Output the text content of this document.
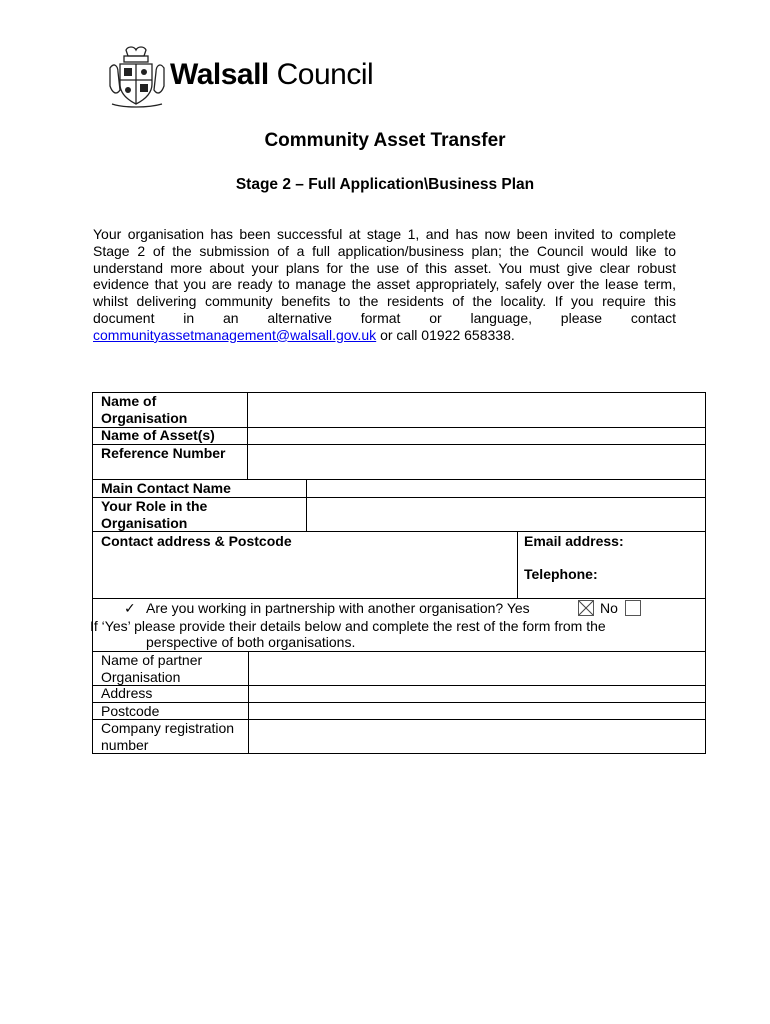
Walsall Council
Community Asset Transfer
Stage 2 – Full Application\Business Plan
Your organisation has been successful at stage 1, and has now been invited to complete Stage 2 of the submission of a full application/business plan; the Council would like to understand more about your plans for the use of this asset. You must give clear robust evidence that you are ready to manage the asset appropriately, safely over the lease term, whilst delivering community benefits to the residents of the locality. If you require this document in an alternative format or language, please contact communityassetmanagement@walsall.gov.uk or call 01922 658338.
Name of Organisation
Name of Asset(s)
Reference Number
Main Contact Name
Your Role in the Organisation
Contact address & Postcode	Email address:
Telephone:
✓ Are you working in partnership with another organisation? Yes	No
If ‘Yes’ please provide their details below and complete the rest of the form from the
perspective of both organisations.
Name of partner Organisation
Address
Postcode
Company registration number
